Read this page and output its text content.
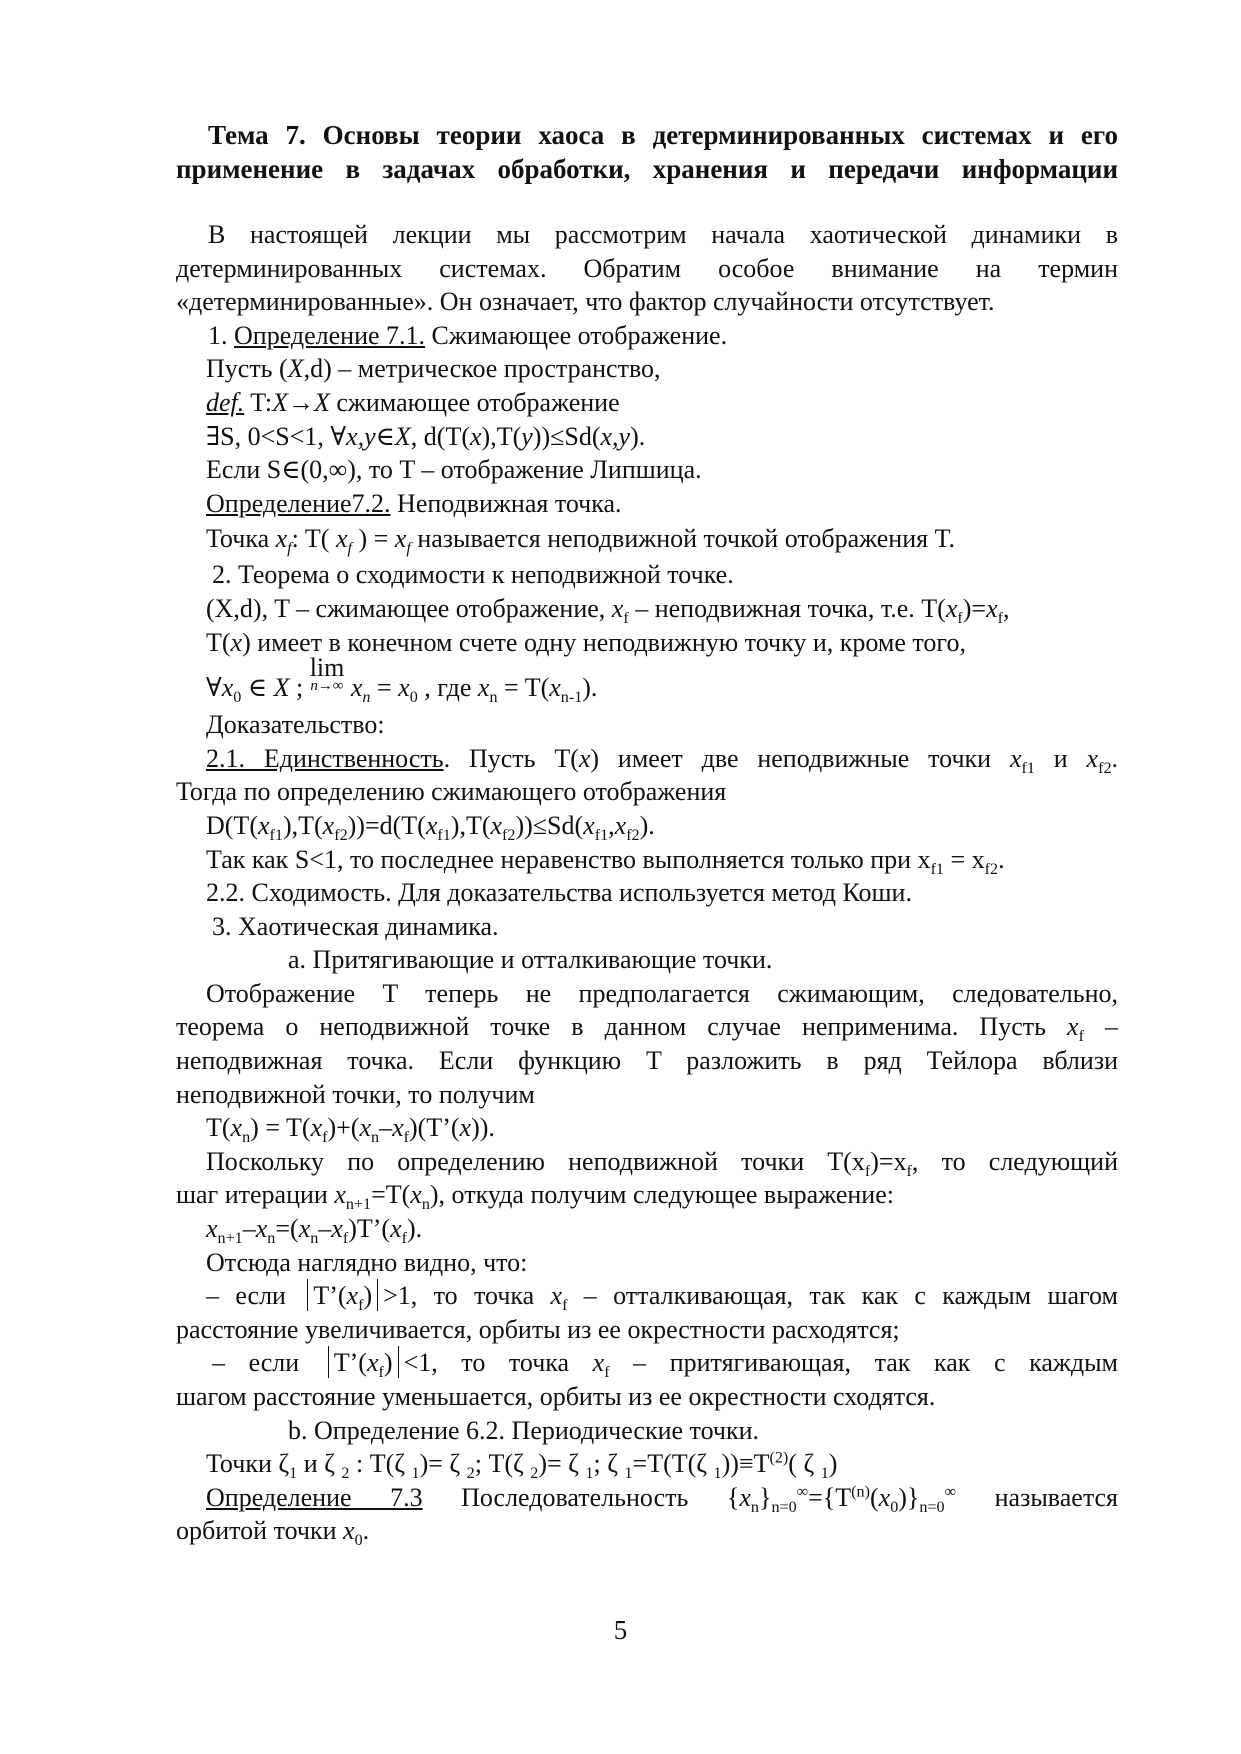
Тема 7. Основы теории хаоса в детерминированных системах и его
применение в задачах обработки, хранения и передачи информации
В настоящей лекции мы рассмотрим начала хаотической динамики в
детерминированных системах. Обратим особое внимание на термин
«детерминированные». Он означает, что фактор случайности отсутствует.
1. Определение 7.1. Сжимающее отображение.
Пусть (X,d) – метрическое пространство,
def. T:X→X сжимающее отображение
∃S, 0<S<1, ∀x,y∈X, d(T(x),T(y))≤Sd(x,y).
Если S∈(0,∞), то T – отображение Липшица.
Определение7.2. Неподвижная точка.
Точка $x_f$: T( $x_f$ ) = $x_f$ называется неподвижной точкой отображения T.
2. Теорема о сходимости к неподвижной точке.
(X,d), T – сжимающее отображение, $x_f$ – неподвижная точка, т.е. $T(x_f)=x_f$,
T(x) имеет в конечном счете одну неподвижную точку и, кроме того,
$\forall x_0$ ∈ X ; lim
n→∞ $x_n = x_0$ , где $x_n = T(x_{n-1})$.
Доказательство:
2.1. Единственность. Пусть T(x) имеет две неподвижные точки $x_{f1}$ и $x_{f2}$.
Тогда по определению сжимающего отображения
$D(T(x_{f1}),T(x_{f2}))=d(T(x_{f1}),T(x_{f2}))\le Sd(x_{f1},x_{f2})$.
Так как S<1, то последнее неравенство выполняется только при $x_{f1} = x_{f2}$.
2.2. Сходимость. Для доказательства используется метод Коши.
3. Хаотическая динамика.
a. Притягивающие и отталкивающие точки.
Отображение T теперь не предполагается сжимающим, следовательно,
теорема о неподвижной точке в данном случае неприменима. Пусть $x_f$ –
неподвижная точка. Если функцию T разложить в ряд Тейлора вблизи
неподвижной точки, то получим
$T(x_n)$ = $T(x_f)+(x_n-x_f)(T’(x))$.
Поскольку по определению неподвижной точки $T(x_f)=x_f$, то следующий
шаг итерации $x_{n+1}=T(x_n)$, откуда получим следующее выражение:
$x_{n+1}-x_n=(x_n-x_f)T’(x_f)$.
Отсюда наглядно видно, что:
– если $T’(x_f) >1$, то точка $x_f$ – отталкивающая, так как с каждым шагом
расстояние увеличивается, орбиты из ее окрестности расходятся;
– если $T’(x_f) <1$, то точка $x_f$ – притягивающая, так как с каждым
шагом расстояние уменьшается, орбиты из ее окрестности сходятся.
b. Определение 6.2. Периодические точки.
Точки $\zeta_1$ и ζ $_2$ : T(ζ $_1$)= ζ $_2$; T(ζ $_2$)= ζ $_1$; ζ $_1$=T(T(ζ $_1))\equiv T^{(2)}$( ζ $_1$)
Определение 7.3 Последовательность $\{x_n\}_{n=0}^\infty=\{T^{(n)}(x_0)\}_{n=0}^\infty$ называется
орбитой точки $x_0$.
5
